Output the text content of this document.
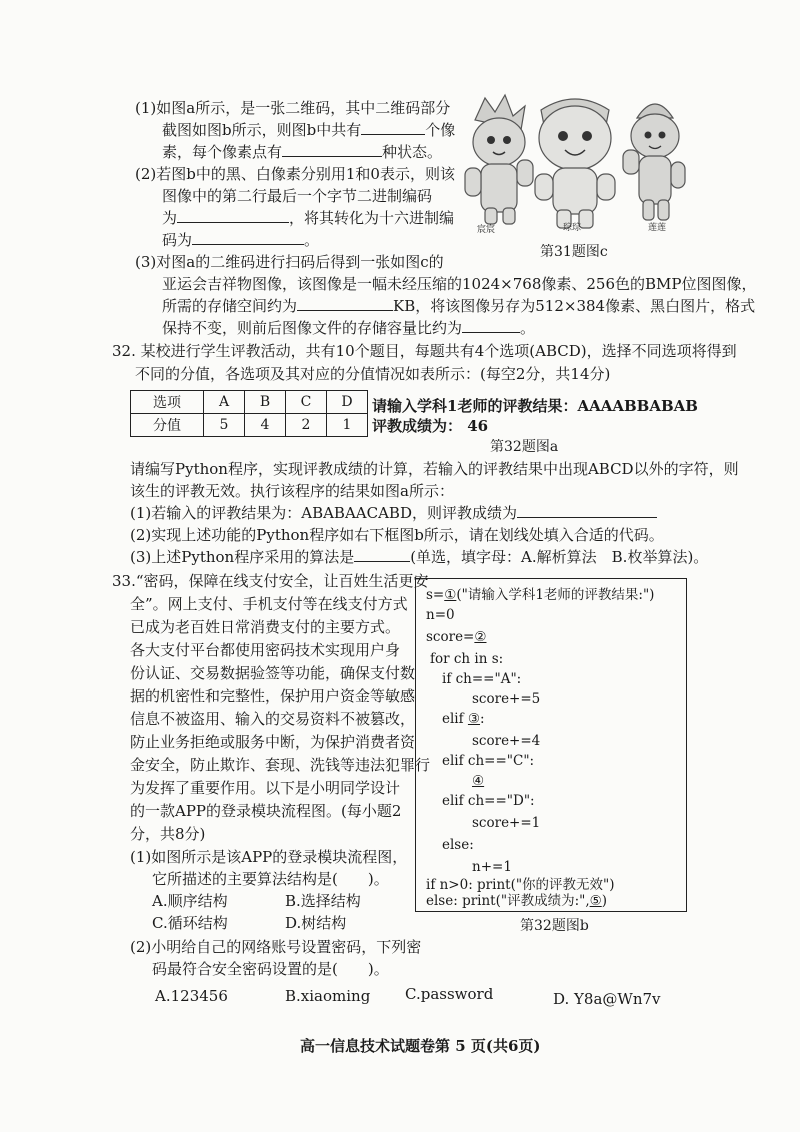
(1)如图a所示，是一张二维码，其中二维码部分
截图如图b所示，则图b中共有	个像
素，每个像素点有	种状态。
(2)若图b中的黑、白像素分别用1和0表示，则该
图像中的第二行最后一个字节二进制编码
为	，将其转化为十六进制编
码为	。
宸宸	琮琮	莲莲
第31题图c
(3)对图a的二维码进行扫码后得到一张如图c的
亚运会吉祥物图像，该图像是一幅未经压缩的1024×768像素、256色的BMP位图图像，
所需的存储空间约为	KB，将该图像另存为512×384像素、黑白图片，格式
保持不变，则前后图像文件的存储容量比约为	。
32. 某校进行学生评教活动，共有10个题目，每题共有4个选项(ABCD)，选择不同选项将得到
不同的分值，各选项及其对应的分值情况如表所示：(每空2分，共14分)
选项	A	B	C	D
分值	5	4	2	1
请输入学科1老师的评教结果：AAAABBABAB
评教成绩为： 46
第32题图a
请编写Python程序，实现评教成绩的计算，若输入的评教结果中出现ABCD以外的字符，则
该生的评教无效。执行该程序的结果如图a所示：
(1)若输入的评教结果为：ABABAACABD，则评教成绩为
(2)实现上述功能的Python程序如右下框图b所示，请在划线处填入合适的代码。
(3)上述Python程序采用的算法是	(单选，填字母：A.解析算法　B.枚举算法)。
s=①("请输入学科1老师的评教结果:")
n=0
score=②
for ch in s:
if ch=="A":
score+=5
elif ③:
score+=4
elif ch=="C":
④
elif ch=="D":
score+=1
else:
n+=1
if n>0: print("你的评教无效")
else: print("评教成绩为:",⑤)
第32题图b
33.“密码，保障在线支付安全，让百姓生活更安
全”。网上支付、手机支付等在线支付方式
已成为老百姓日常消费支付的主要方式。
各大支付平台都使用密码技术实现用户身
份认证、交易数据验签等功能，确保支付数
据的机密性和完整性，保护用户资金等敏感
信息不被盗用、输入的交易资料不被篡改，
防止业务拒绝或服务中断，为保护消费者资
金安全，防止欺诈、套现、洗钱等违法犯罪行
为发挥了重要作用。以下是小明同学设计
的一款APP的登录模块流程图。(每小题2
分，共8分)
(1)如图所示是该APP的登录模块流程图，
它所描述的主要算法结构是(　　)。
A.顺序结构	B.选择结构
C.循环结构	D.树结构
(2)小明给自己的网络账号设置密码，下列密
码最符合安全密码设置的是(　　)。
A.123456	B.xiaoming C.password	D. Y8a@Wn7v
高一信息技术试题卷第 5 页(共6页)
